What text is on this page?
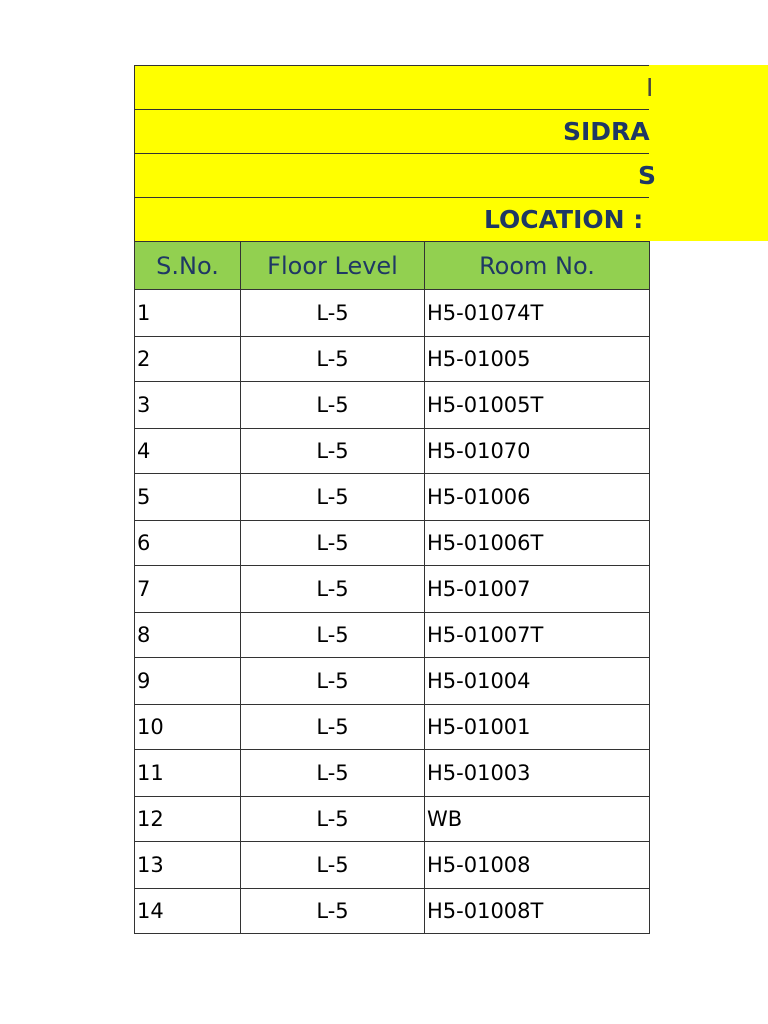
I
SIDRA
S
LOCATION :
S.No.	Floor Level	Room No.
1	L-5	H5-01074T
2	L-5	H5-01005
3	L-5	H5-01005T
4	L-5	H5-01070
5	L-5	H5-01006
6	L-5	H5-01006T
7	L-5	H5-01007
8	L-5	H5-01007T
9	L-5	H5-01004
10	L-5	H5-01001
11	L-5	H5-01003
12	L-5	WB
13	L-5	H5-01008
14	L-5	H5-01008T
